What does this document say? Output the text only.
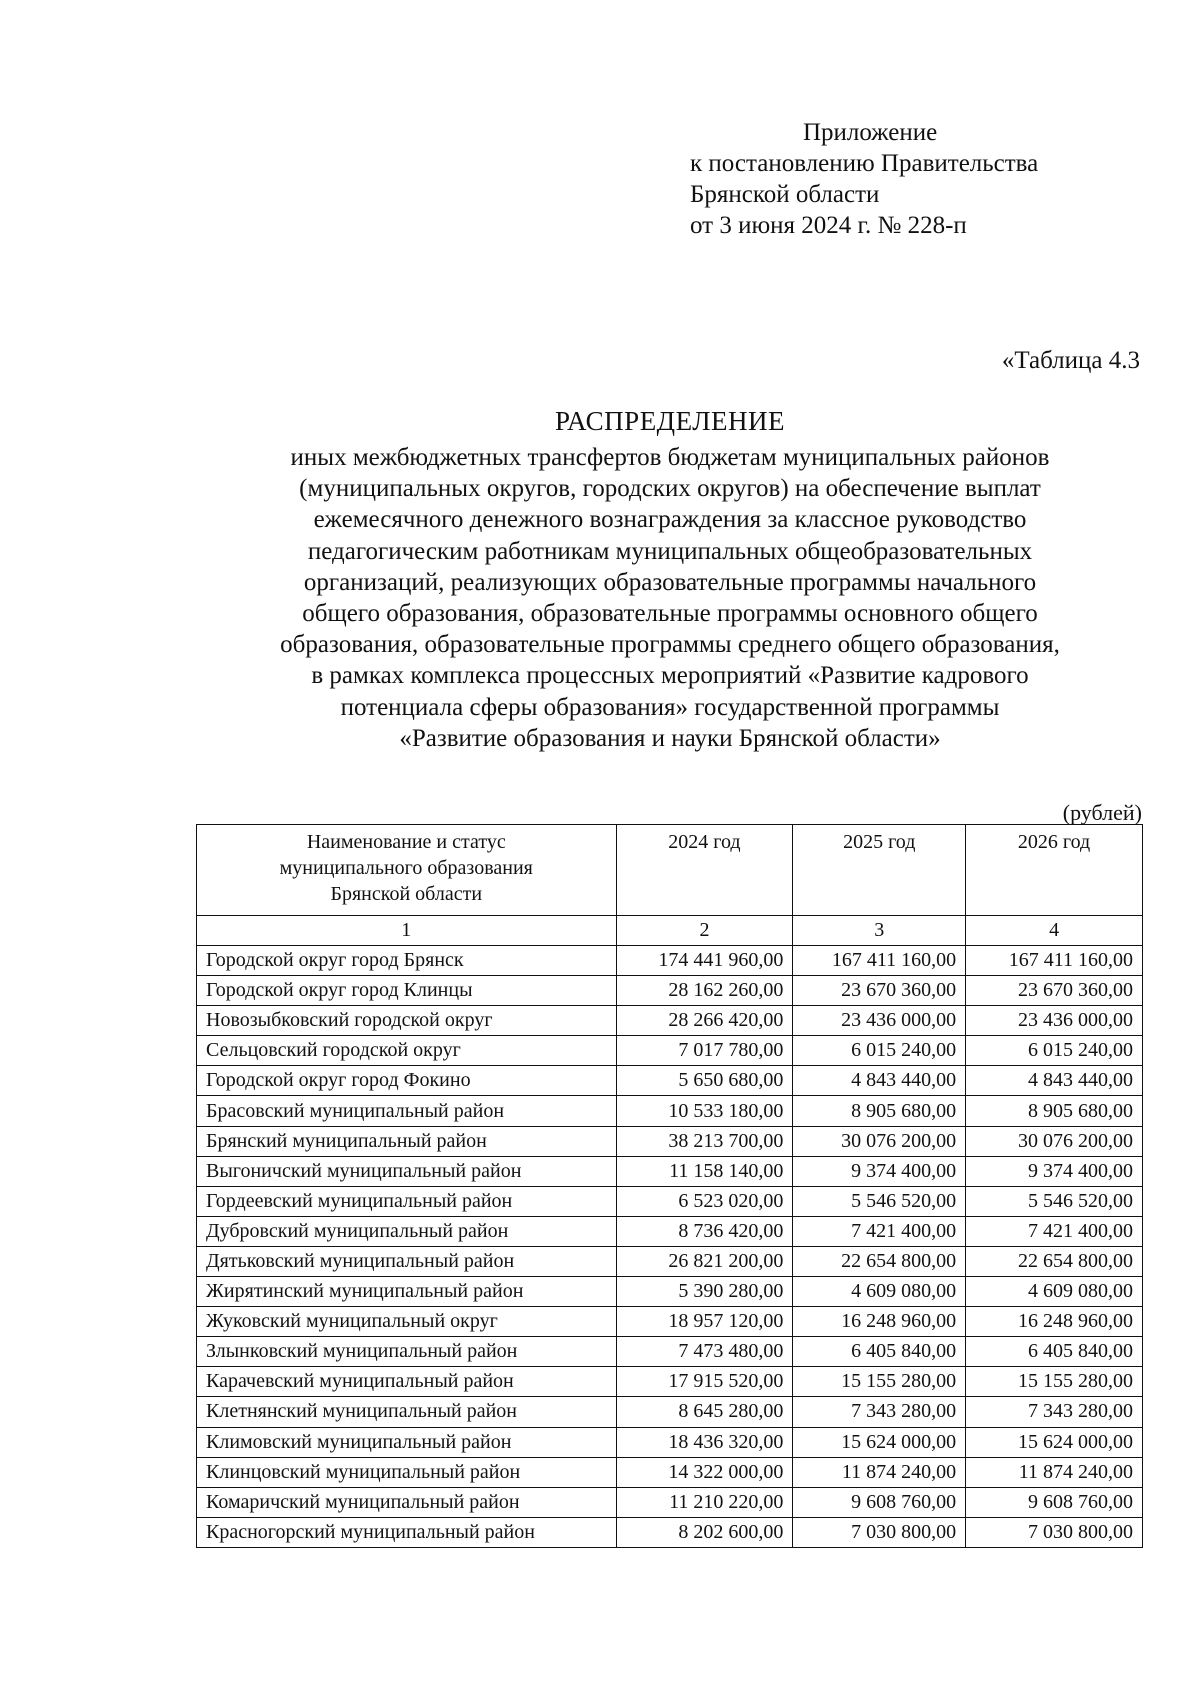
Приложение
к постановлению Правительства
Брянской области
от 3 июня 2024 г. № 228-п
«Таблица 4.3
РАСПРЕДЕЛЕНИЕ
иных межбюджетных трансфертов бюджетам муниципальных районов
(муниципальных округов, городских округов) на обеспечение выплат
ежемесячного денежного вознаграждения за классное руководство
педагогическим работникам муниципальных общеобразовательных
организаций, реализующих образовательные программы начального
общего образования, образовательные программы основного общего
образования, образовательные программы среднего общего образования,
в рамках комплекса процессных мероприятий «Развитие кадрового
потенциала сферы образования» государственной программы
«Развитие образования и науки Брянской области»
(рублей)
Наименование и статус
муниципального образования
Брянской области	2024 год	2025 год	2026 год
1	2	3	4
Городской округ город Брянск	174 441 960,00	167 411 160,00	167 411 160,00
Городской округ город Клинцы	28 162 260,00	23 670 360,00	23 670 360,00
Новозыбковский городской округ	28 266 420,00	23 436 000,00	23 436 000,00
Сельцовский городской округ	7 017 780,00	6 015 240,00	6 015 240,00
Городской округ город Фокино	5 650 680,00	4 843 440,00	4 843 440,00
Брасовский муниципальный район	10 533 180,00	8 905 680,00	8 905 680,00
Брянский муниципальный район	38 213 700,00	30 076 200,00	30 076 200,00
Выгоничский муниципальный район	11 158 140,00	9 374 400,00	9 374 400,00
Гордеевский муниципальный район	6 523 020,00	5 546 520,00	5 546 520,00
Дубровский муниципальный район	8 736 420,00	7 421 400,00	7 421 400,00
Дятьковский муниципальный район	26 821 200,00	22 654 800,00	22 654 800,00
Жирятинский муниципальный район	5 390 280,00	4 609 080,00	4 609 080,00
Жуковский муниципальный округ	18 957 120,00	16 248 960,00	16 248 960,00
Злынковский муниципальный район	7 473 480,00	6 405 840,00	6 405 840,00
Карачевский муниципальный район	17 915 520,00	15 155 280,00	15 155 280,00
Клетнянский муниципальный район	8 645 280,00	7 343 280,00	7 343 280,00
Климовский муниципальный район	18 436 320,00	15 624 000,00	15 624 000,00
Клинцовский муниципальный район	14 322 000,00	11 874 240,00	11 874 240,00
Комаричский муниципальный район	11 210 220,00	9 608 760,00	9 608 760,00
Красногорский муниципальный район	8 202 600,00	7 030 800,00	7 030 800,00
